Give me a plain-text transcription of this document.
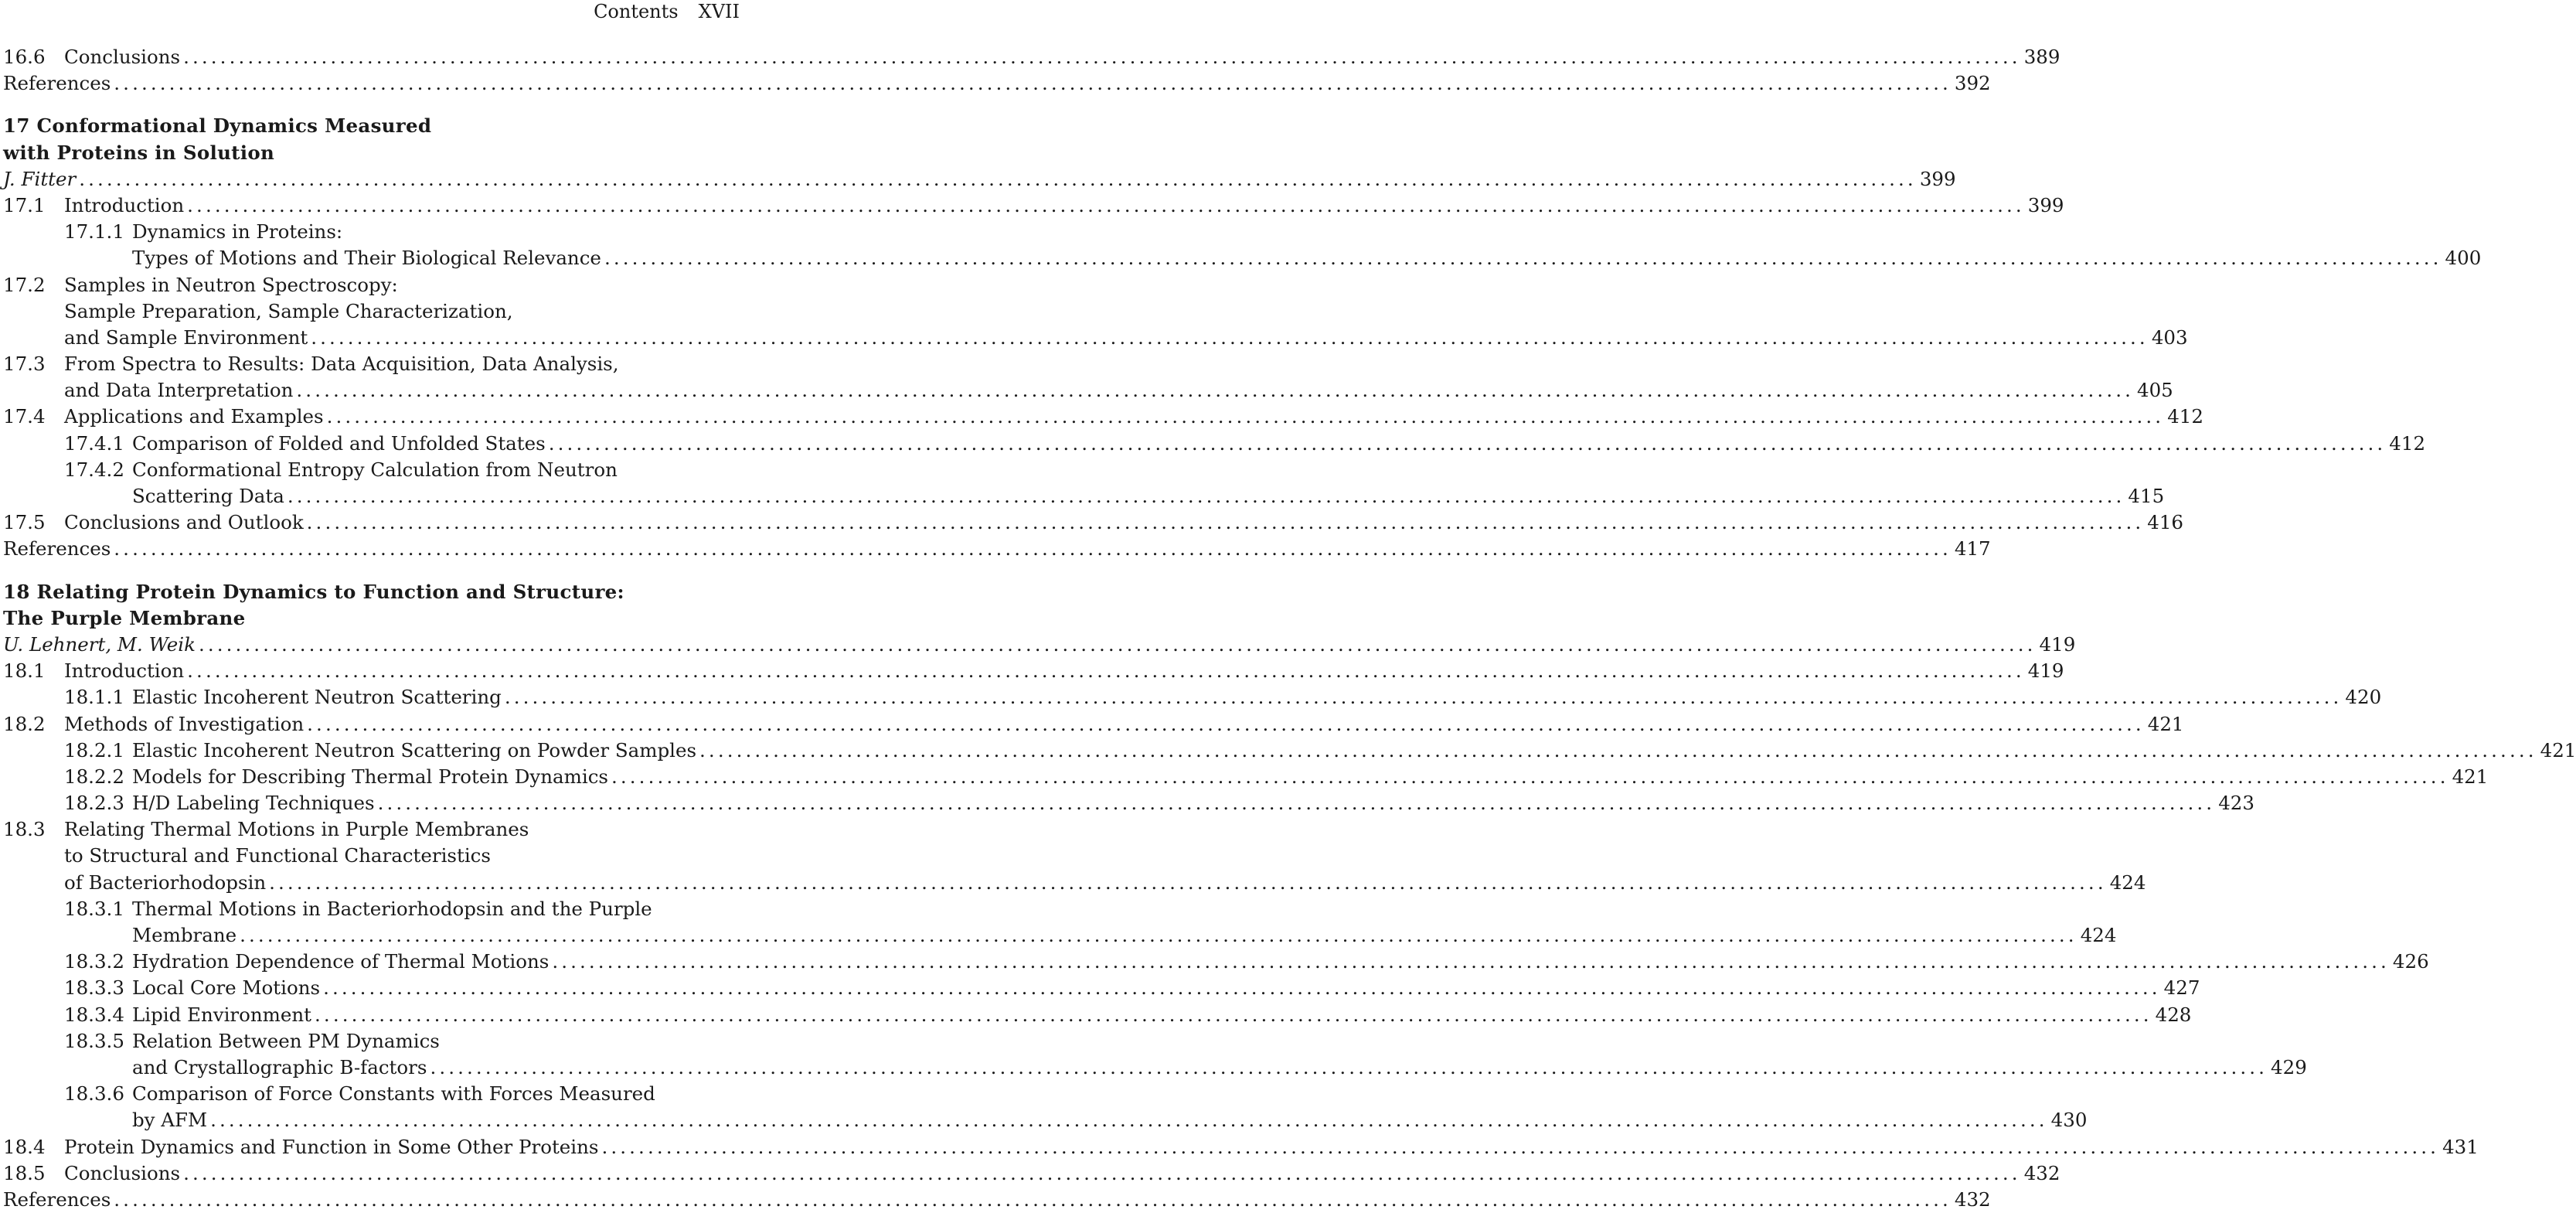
Contents XVII
16.6 Conclusions ........................................................................................................................................................................................................ 389
References ........................................................................................................................................................................................................ 392
17 Conformational Dynamics Measured
with Proteins in Solution
J. Fitter ........................................................................................................................................................................................................ 399
17.1 Introduction ........................................................................................................................................................................................................ 399
17.1.1 Dynamics in Proteins:
Types of Motions and Their Biological Relevance ........................................................................................................................................................................................................ 400
17.2 Samples in Neutron Spectroscopy:
Sample Preparation, Sample Characterization,
and Sample Environment ........................................................................................................................................................................................................ 403
17.3 From Spectra to Results: Data Acquisition, Data Analysis,
and Data Interpretation ........................................................................................................................................................................................................ 405
17.4 Applications and Examples ........................................................................................................................................................................................................ 412
17.4.1 Comparison of Folded and Unfolded States ........................................................................................................................................................................................................ 412
17.4.2 Conformational Entropy Calculation from Neutron
Scattering Data ........................................................................................................................................................................................................ 415
17.5 Conclusions and Outlook ........................................................................................................................................................................................................ 416
References ........................................................................................................................................................................................................ 417
18 Relating Protein Dynamics to Function and Structure:
The Purple Membrane
U. Lehnert, M. Weik ........................................................................................................................................................................................................ 419
18.1 Introduction ........................................................................................................................................................................................................ 419
18.1.1 Elastic Incoherent Neutron Scattering ........................................................................................................................................................................................................ 420
18.2 Methods of Investigation ........................................................................................................................................................................................................ 421
18.2.1 Elastic Incoherent Neutron Scattering on Powder Samples ........................................................................................................................................................................................................ 421
18.2.2 Models for Describing Thermal Protein Dynamics ........................................................................................................................................................................................................ 421
18.2.3 H/D Labeling Techniques ........................................................................................................................................................................................................ 423
18.3 Relating Thermal Motions in Purple Membranes
to Structural and Functional Characteristics
of Bacteriorhodopsin ........................................................................................................................................................................................................ 424
18.3.1 Thermal Motions in Bacteriorhodopsin and the Purple
Membrane ........................................................................................................................................................................................................ 424
18.3.2 Hydration Dependence of Thermal Motions ........................................................................................................................................................................................................ 426
18.3.3 Local Core Motions ........................................................................................................................................................................................................ 427
18.3.4 Lipid Environment ........................................................................................................................................................................................................ 428
18.3.5 Relation Between PM Dynamics
and Crystallographic B-factors ........................................................................................................................................................................................................ 429
18.3.6 Comparison of Force Constants with Forces Measured
by AFM ........................................................................................................................................................................................................ 430
18.4 Protein Dynamics and Function in Some Other Proteins ........................................................................................................................................................................................................ 431
18.5 Conclusions ........................................................................................................................................................................................................ 432
References ........................................................................................................................................................................................................ 432
